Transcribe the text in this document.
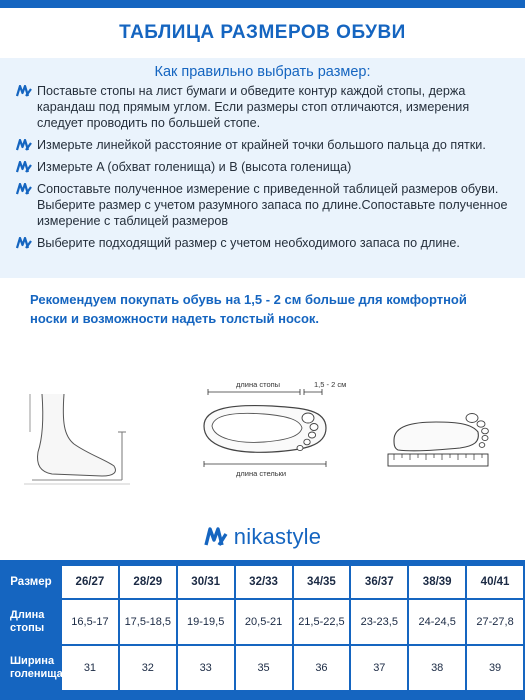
ТАБЛИЦА РАЗМЕРОВ ОБУВИ
Как правильно выбрать размер:
Поставьте стопы на лист бумаги и обведите контур каждой стопы, держа карандаш под прямым углом. Если размеры стоп отличаются, измерения следует проводить по большей стопе.
Измерьте линейкой расстояние от крайней точки большого пальца до пятки.
Измерьте A (обхват голенища) и B (высота голенища)
Сопоставьте полученное измерение с приведенной таблицей размеров обуви. Выберите размер с учетом разумного запаса по длине.Сопоставьте полученное измерение с таблицей размеров
Выберите подходящий размер с учетом необходимого запаса по длине.
Рекомендуем покупать обувь на 1,5 - 2 см больше для комфортной носки и возможности надеть толстый носок.
длина стопы	1,5 - 2 см
длина стельки
nikastyle
Размер	26/27	28/29	30/31	32/33	34/35	36/37	38/39	40/41
Длина стопы	16,5-17	17,5-18,5	19-19,5	20,5-21	21,5-22,5	23-23,5	24-24,5	27-27,8
Ширина голенища	31	32	33	35	36	37	38	39
